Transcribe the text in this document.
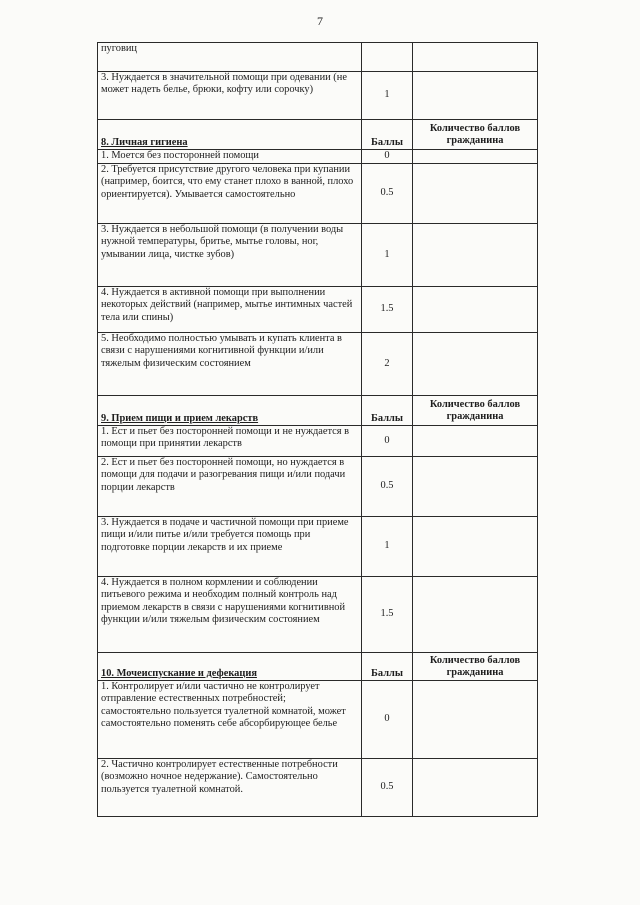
7
пуговиц		
3. Нуждается в значительной помощи при одевании (не может надеть белье, брюки, кофту или сорочку)	1	
8. Личная гигиена	Баллы	Количество баллов гражданина
1. Моется без посторонней помощи	0	
2. Требуется присутствие другого человека при купании (например, боится, что ему станет плохо в ванной, плохо ориентируется). Умывается самостоятельно	0.5	
3. Нуждается в небольшой помощи (в получении воды нужной температуры, бритье, мытье головы, ног, умывании лица, чистке зубов)	1	
4. Нуждается в активной помощи при выполнении некоторых действий (например, мытье интимных частей тела или спины)	1.5	
5. Необходимо полностью умывать и купать клиента в связи с нарушениями когнитивной функции и/или тяжелым физическим состоянием	2	
9. Прием пищи и прием лекарств	Баллы	Количество баллов гражданина
1. Ест и пьет без посторонней помощи и не нуждается в помощи при принятии лекарств	0	
2. Ест и пьет без посторонней помощи, но нуждается в помощи для подачи и разогревания пищи и/или подачи порции лекарств	0.5	
3. Нуждается в подаче и частичной помощи при приеме пищи и/или питье и/или требуется помощь при подготовке порции лекарств и их приеме	1	
4. Нуждается в полном кормлении и соблюдении питьевого режима и необходим полный контроль над приемом лекарств в связи с нарушениями когнитивной функции и/или тяжелым физическим состоянием	1.5	
10. Мочеиспускание и дефекация	Баллы	Количество баллов гражданина
1. Контролирует и/или частично не контролирует отправление естественных потребностей; самостоятельно пользуется туалетной комнатой, может самостоятельно поменять себе абсорбирующее белье	0	
2. Частично контролирует естественные потребности (возможно ночное недержание). Самостоятельно пользуется туалетной комнатой.	0.5	
